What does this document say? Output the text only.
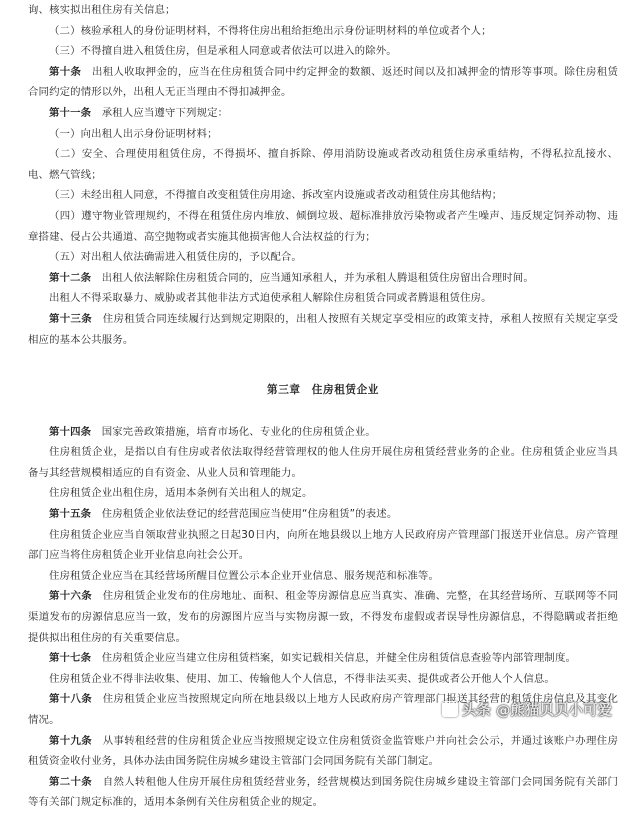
询、核实拟出租住房有关信息；
（二）核验承租人的身份证明材料，不得将住房出租给拒绝出示身份证明材料的单位或者个人；
（三）不得擅自进入租赁住房，但是承租人同意或者依法可以进入的除外。
第十条　 出租人收取押金的，应当在住房租赁合同中约定押金的数额、返还时间以及扣减押金的情形等事项。除住房租赁合同约定的情形以外，出租人无正当理由不得扣减押金。
第十一条　 承租人应当遵守下列规定：
（一）向出租人出示身份证明材料；
（二）安全、合理使用租赁住房，不得损坏、擅自拆除、停用消防设施或者改动租赁住房承重结构，不得私拉乱接水、电、燃气管线；
（三）未经出租人同意，不得擅自改变租赁住房用途、拆改室内设施或者改动租赁住房其他结构；
（四）遵守物业管理规约，不得在租赁住房内堆放、倾倒垃圾、超标准排放污染物或者产生噪声、违反规定饲养动物、违章搭建、侵占公共通道、高空抛物或者实施其他损害他人合法权益的行为；
（五）对出租人依法确需进入租赁住房的，予以配合。
第十二条　 出租人依法解除住房租赁合同的，应当通知承租人，并为承租人腾退租赁住房留出合理时间。
出租人不得采取暴力、威胁或者其他非法方式迫使承租人解除住房租赁合同或者腾退租赁住房。
第十三条　 住房租赁合同连续履行达到规定期限的，出租人按照有关规定享受相应的政策支持，承租人按照有关规定享受相应的基本公共服务。
第三章　住房租赁企业
第十四条　 国家完善政策措施，培育市场化、专业化的住房租赁企业。
住房租赁企业，是指以自有住房或者依法取得经营管理权的他人住房开展住房租赁经营业务的企业。住房租赁企业应当具备与其经营规模相适应的自有资金、从业人员和管理能力。
住房租赁企业出租住房，适用本条例有关出租人的规定。
第十五条　 住房租赁企业依法登记的经营范围应当使用“住房租赁”的表述。
住房租赁企业应当自领取营业执照之日起30日内，向所在地县级以上地方人民政府房产管理部门报送开业信息。房产管理部门应当将住房租赁企业开业信息向社会公开。
住房租赁企业应当在其经营场所醒目位置公示本企业开业信息、服务规范和标准等。
第十六条　 住房租赁企业发布的住房地址、面积、租金等房源信息应当真实、准确、完整，在其经营场所、互联网等不同渠道发布的房源信息应当一致，发布的房源图片应当与实物房源一致，不得发布虚假或者误导性房源信息，不得隐瞒或者拒绝提供拟出租住房的有关重要信息。
第十七条　 住房租赁企业应当建立住房租赁档案，如实记载相关信息，并健全住房租赁信息查验等内部管理制度。
住房租赁企业不得非法收集、使用、加工、传输他人个人信息，不得非法买卖、提供或者公开他人个人信息。
第十八条　 住房租赁企业应当按照规定向所在地县级以上地方人民政府房产管理部门报送其经营的租赁住房信息及其变化情况。
第十九条　 从事转租经营的住房租赁企业应当按照规定设立住房租赁资金监管账户并向社会公示，并通过该账户办理住房租赁资金收付业务，具体办法由国务院住房城乡建设主管部门会同国务院有关部门制定。
第二十条　 自然人转租他人住房开展住房租赁经营业务，经营规模达到国务院住房城乡建设主管部门会同国务院有关部门等有关部门规定标准的，适用本条例有关住房租赁企业的规定。
头条 @熊猫贝贝小可爱
